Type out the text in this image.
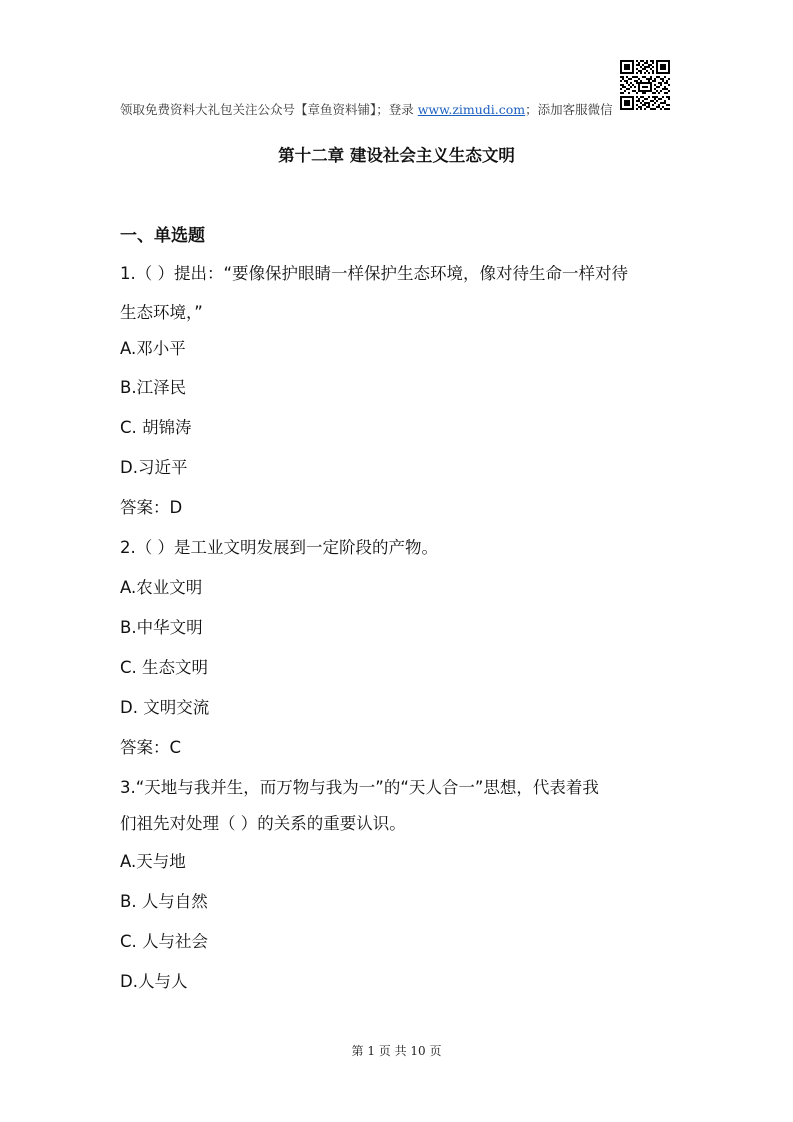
领取免费资料大礼包关注公众号【章鱼资料铺】；登录 www.zimudi.com；添加客服微信
第十二章 建设社会主义生态文明
一、单选题
1.（ ）提出：“要像保护眼睛一样保护生态环境，像对待生命一样对待
生态环境，”
A.邓小平
B.江泽民
C. 胡锦涛
D.习近平
答案：D
2.（ ）是工业文明发展到一定阶段的产物。
A.农业文明
B.中华文明
C. 生态文明
D. 文明交流
答案：C
3.“天地与我并生，而万物与我为一”的“天人合一”思想，代表着我
们祖先对处理（ ）的关系的重要认识。
A.天与地
B. 人与自然
C. 人与社会
D.人与人
第 1 页 共 10 页
